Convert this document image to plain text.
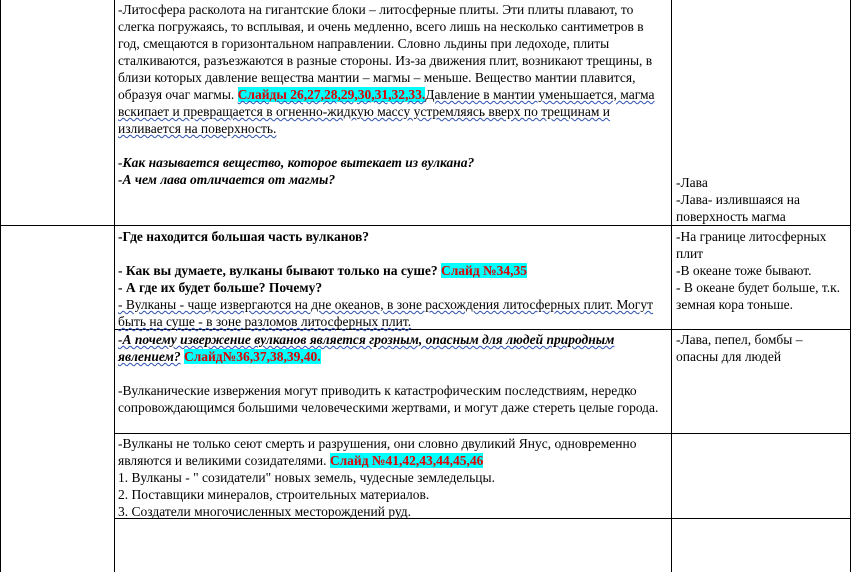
-Литосфера расколота на гигантские блоки – литосферные плиты. Эти плиты плавают, то слегка погружаясь, то всплывая, и очень медленно, всего лишь на несколько сантиметров в год, смещаются в горизонтальном направлении. Словно льдины при ледоходе, плиты сталкиваются, разъезжаются в разные стороны. Из-за движения плит, возникают трещины, в близи которых давление вещества мантии – магмы – меньше. Вещество мантии плавится, образуя очаг магмы. Слайды 26,27,28,29,30,31,32,33.Давление в мантии уменьшается, магма вскипает и превращается в огненно-жидкую массу устремляясь вверх по трещинам и изливается на поверхность.

-Как называется вещество, которое вытекает из вулкана?

-А чем лава отличается от магмы?	-Лава

-Лава- излившаяся на поверхность магма

-Где находится большая часть вулканов?

- Как вы думаете, вулканы бывают только на суше? Слайд №34,35

- А где их будет больше? Почему?

- Вулканы - чаще извергаются на дне океанов, в зоне расхождения литосферных плит. Могут быть на суше - в зоне разломов литосферных плит.

-На границе литосферных плит

-В океане тоже бывают.

- В океане будет больше, т.к. земная кора тоньше.

-А почему извержение вулканов является грозным, опасным для людей природным явлением? Слайд№36,37,38,39,40.

-Вулканические извержения могут приводить к катастрофическим последствиям, нередко сопровождающимся большими человеческими жертвами, и могут даже стереть целые города.

-Лава, пепел, бомбы – опасны для людей

-Вулканы не только сеют смерть и разрушения, они словно двуликий Янус, одновременно являются и великими созидателями. Слайд №41,42,43,44,45,46

1. Вулканы - " созидатели" новых земель, чудесные земледельцы.

2. Поставщики минералов, строительных материалов.

3. Создатели многочисленных месторождений руд.
